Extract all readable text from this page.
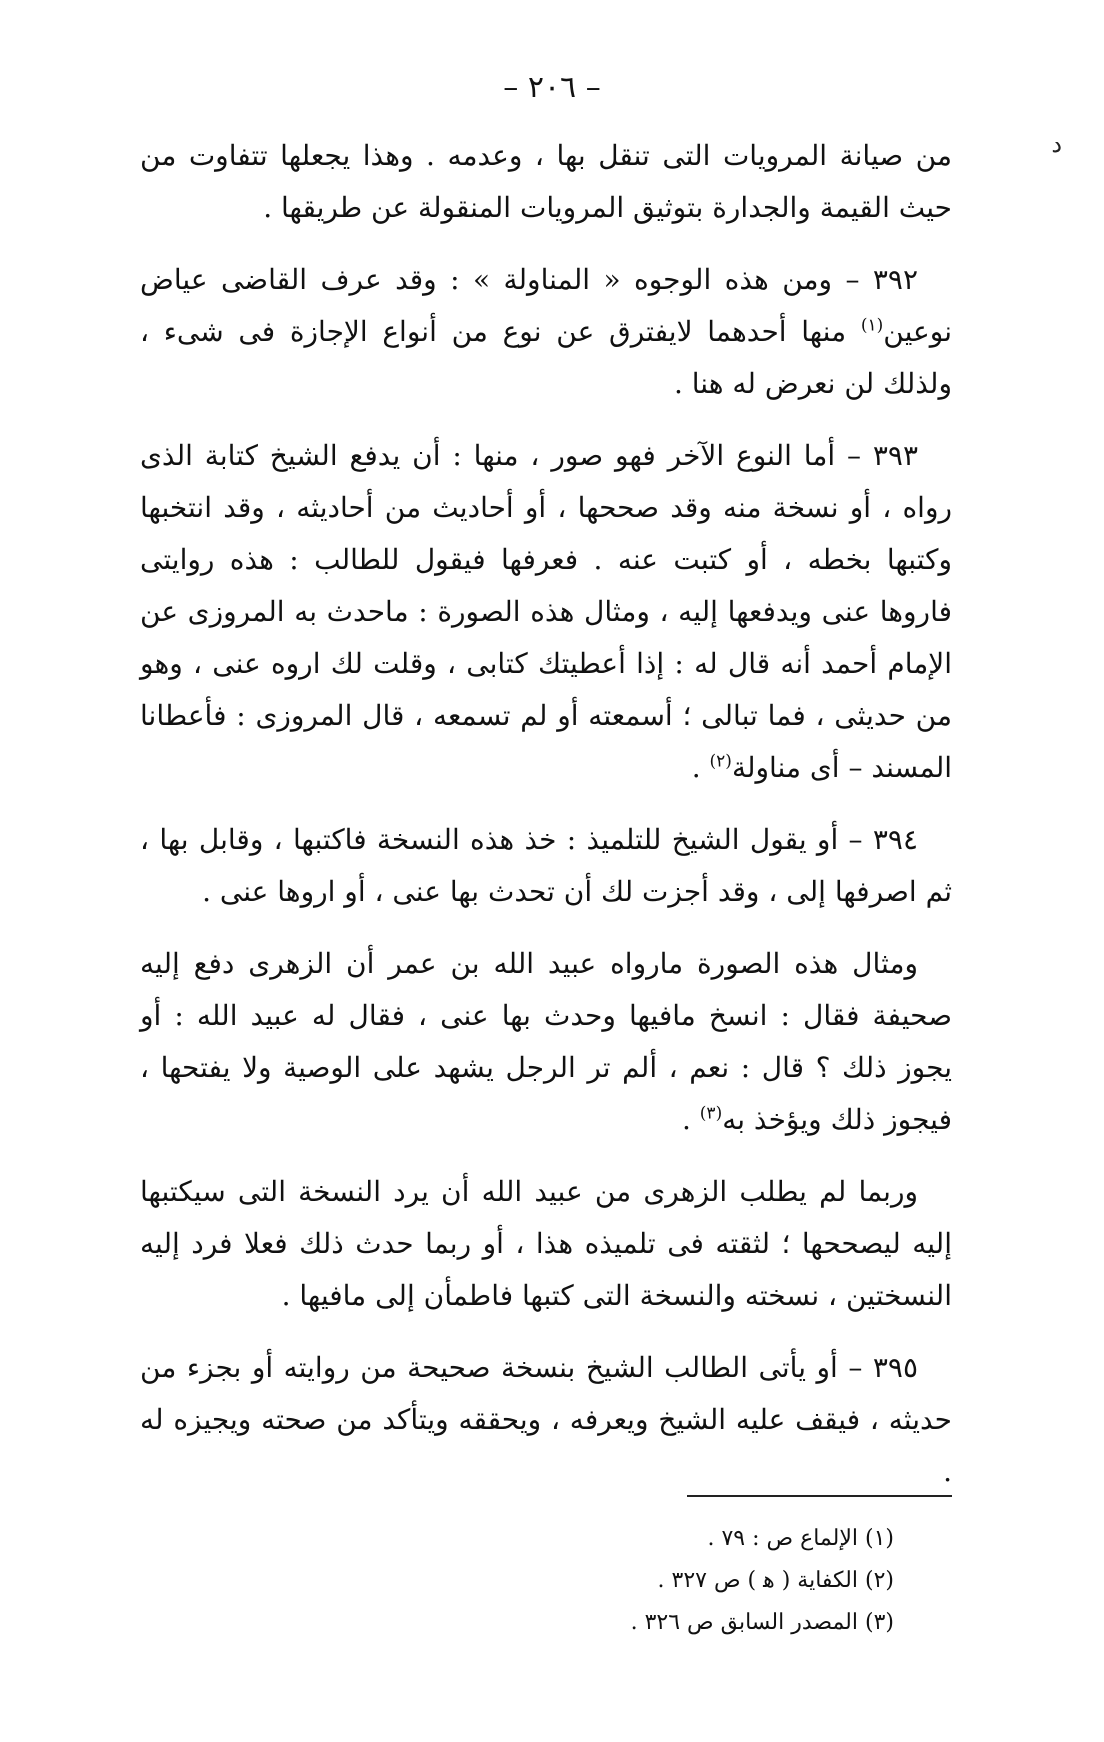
– ٢٠٦ –
ﺩ

من صيانة المرويات التى تنقل بها ، وعدمه . وهذا يجعلها تتفاوت من حيث القيمة والجدارة بتوثيق المرويات المنقولة عن طريقها .

٣٩٢ – ومن هذه الوجوه « المناولة » : وقد عرف القاضى عياض نوعين$^{(١)}$ منها أحدهما لايفترق عن نوع من أنواع الإجازة فى شىء ، ولذلك لن نعرض له هنا .

٣٩٣ – أما النوع الآخر فهو صور ، منها : أن يدفع الشيخ كتابة الذى رواه ، أو نسخة منه وقد صححها ، أو أحاديث من أحاديثه ، وقد انتخبها وكتبها بخطه ، أو كتبت عنه . فعرفها فيقول للطالب : هذه روايتى فاروها عنى ويدفعها إليه ، ومثال هذه الصورة : ماحدث به المروزى عن الإمام أحمد أنه قال له : إذا أعطيتك كتابى ، وقلت لك اروه عنى ، وهو من حديثى ، فما تبالى ؛ أسمعته أو لم تسمعه ، قال المروزى : فأعطانا المسند – أى مناولة$^{(٢)}$ .

٣٩٤ – أو يقول الشيخ للتلميذ : خذ هذه النسخة فاكتبها ، وقابل بها ، ثم اصرفها إلى ، وقد أجزت لك أن تحدث بها عنى ، أو اروها عنى .

ومثال هذه الصورة مارواه عبيد الله بن عمر أن الزهرى دفع إليه صحيفة فقال : انسخ مافيها وحدث بها عنى ، فقال له عبيد الله : أو يجوز ذلك ؟ قال : نعم ، ألم تر الرجل يشهد على الوصية ولا يفتحها ، فيجوز ذلك ويؤخذ به$^{(٣)}$ .

وربما لم يطلب الزهرى من عبيد الله أن يرد النسخة التى سيكتبها إليه ليصححها ؛ لثقته فى تلميذه هذا ، أو ربما حدث ذلك فعلا فرد إليه النسختين ، نسخته والنسخة التى كتبها فاطمأن إلى مافيها .

٣٩٥ – أو يأتى الطالب الشيخ بنسخة صحيحة من روايته أو بجزء من حديثه ، فيقف عليه الشيخ ويعرفه ، ويحققه ويتأكد من صحته ويجيزه له .

(١) الإلماع ص : ٧٩ .
(٢) الكفاية ( ﻫ ) ص ٣٢٧ .
(٣) المصدر السابق ص ٣٢٦ .
